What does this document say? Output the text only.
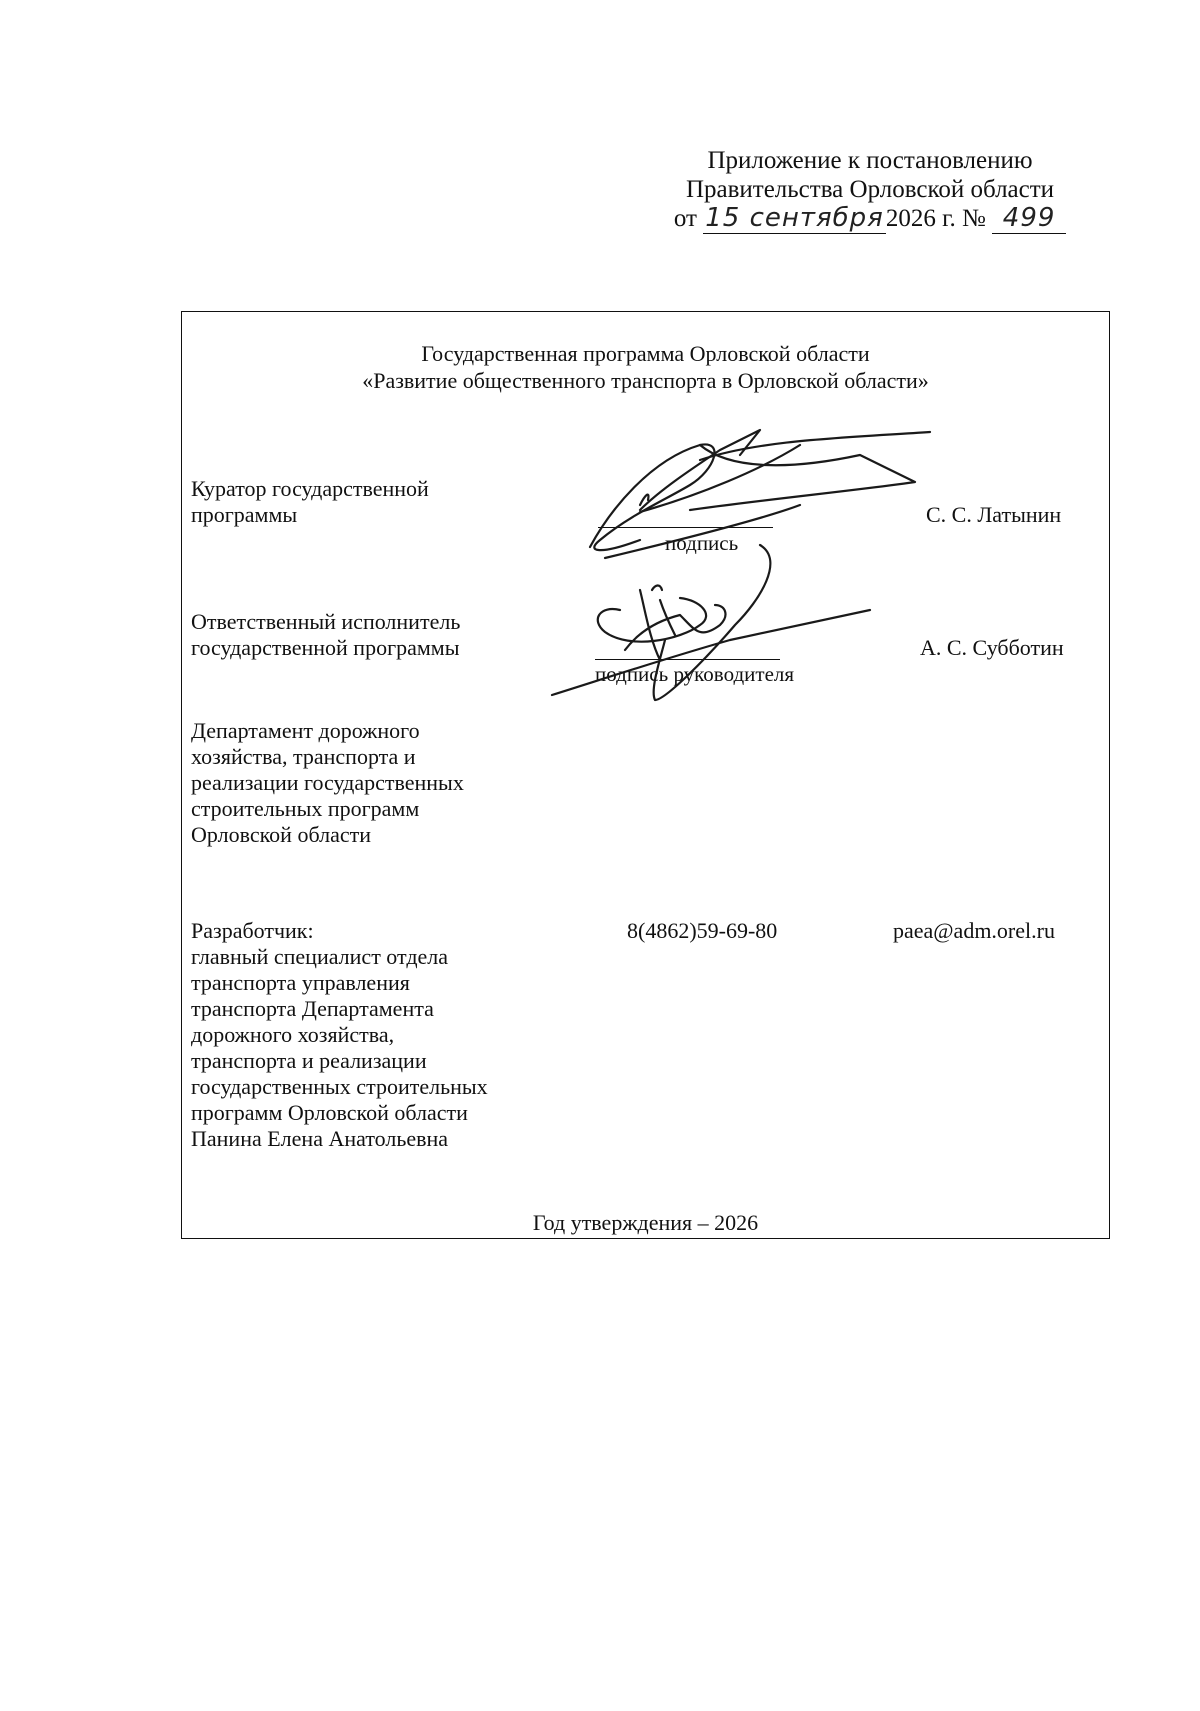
Приложение к постановлению
Правительства Орловской области
от 15 сентября2026 г. № 499
Государственная программа Орловской области
«Развитие общественного транспорта в Орловской области»
Куратор государственной
программы
подпись
С. С. Латынин
Ответственный исполнитель
государственной программы
подпись руководителя
А. С. Субботин
Департамент дорожного
хозяйства, транспорта и
реализации государственных
строительных программ
Орловской области
Разработчик:
главный специалист отдела
транспорта управления
транспорта Департамента
дорожного хозяйства,
транспорта и реализации
государственных строительных
программ Орловской области
Панина Елена Анатольевна
8(4862)59-69-80	paea@adm.orel.ru
Год утверждения – 2026
